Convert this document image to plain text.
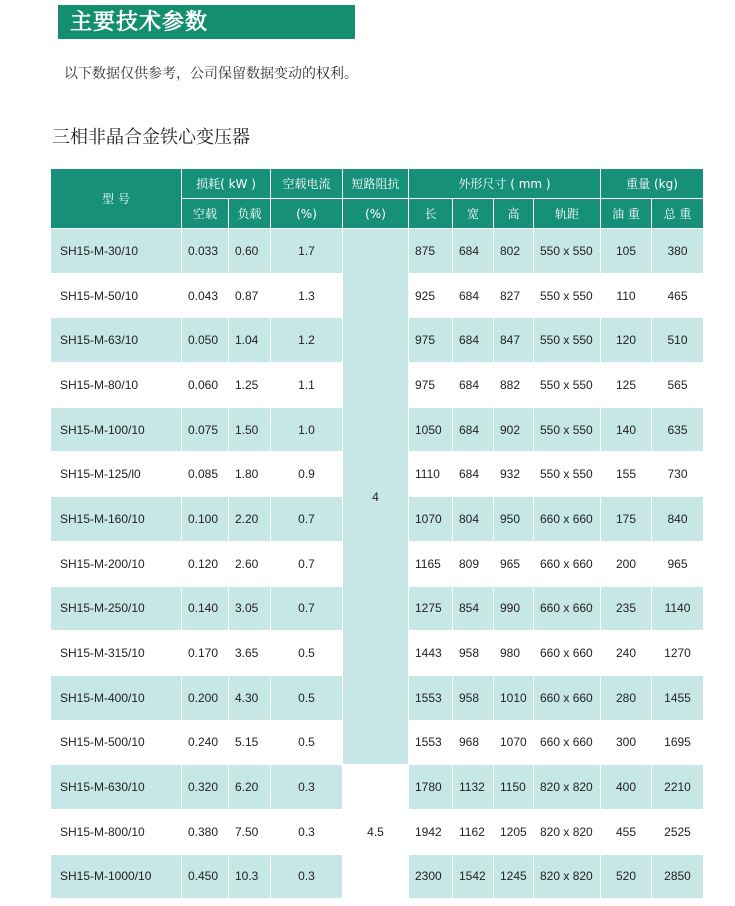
主要技术参数
以下数据仅供参考，公司保留数据变动的权利。
三相非晶合金铁心变压器
型 号	损耗( kW )		空载电流	短路阻抗	外形尺寸 ( mm )				重量 (kg)	
	空载	负载	(%)	(%)	长	宽	高	轨距	油 重	总 重
SH15-M-30/10	0.033	0.60	1.7	4	875	684	802	550 x 550	105	380
SH15-M-50/10	0.043	0.87	1.3		925	684	827	550 x 550	110	465
SH15-M-63/10	0.050	1.04	1.2		975	684	847	550 x 550	120	510
SH15-M-80/10	0.060	1.25	1.1		975	684	882	550 x 550	125	565
SH15-M-100/10	0.075	1.50	1.0		1050	684	902	550 x 550	140	635
SH15-M-125/l0	0.085	1.80	0.9		1110	684	932	550 x 550	155	730
SH15-M-160/10	0.100	2.20	0.7		1070	804	950	660 x 660	175	840
SH15-M-200/10	0.120	2.60	0.7		1165	809	965	660 x 660	200	965
SH15-M-250/10	0.140	3.05	0.7		1275	854	990	660 x 660	235	1140
SH15-M-315/10	0.170	3.65	0.5		1443	958	980	660 x 660	240	1270
SH15-M-400/10	0.200	4.30	0.5		1553	958	1010	660 x 660	280	1455
SH15-M-500/10	0.240	5.15	0.5		1553	968	1070	660 x 660	300	1695
SH15-M-630/10	0.320	6.20	0.3	4.5	1780	1132	1150	820 x 820	400	2210
SH15-M-800/10	0.380	7.50	0.3		1942	1162	1205	820 x 820	455	2525
SH15-M-1000/10	0.450	10.3	0.3		2300	1542	1245	820 x 820	520	2850
